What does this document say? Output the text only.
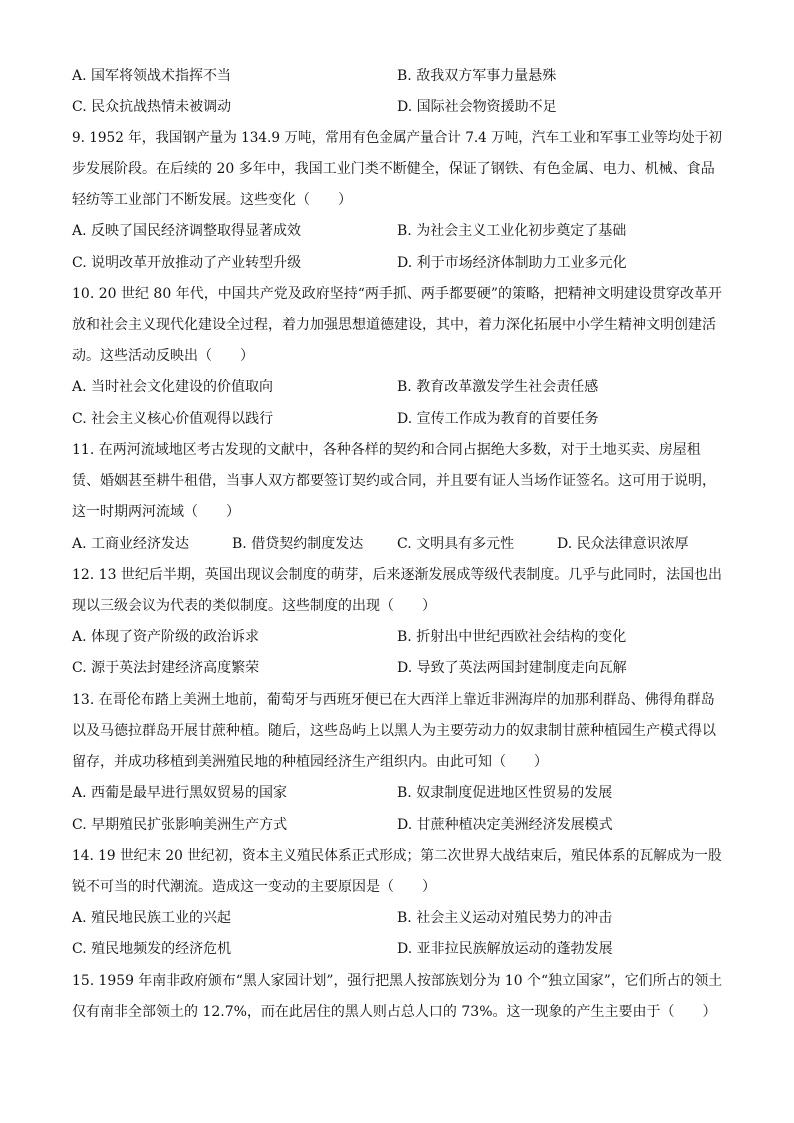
A. 国军将领战术指挥不当	B. 敌我双方军事力量悬殊
C. 民众抗战热情未被调动	D. 国际社会物资援助不足
9. 1952 年，我国钢产量为 134.9 万吨，常用有色金属产量合计 7.4 万吨，汽车工业和军事工业等均处于初
步发展阶段。在后续的 20 多年中，我国工业门类不断健全，保证了钢铁、有色金属、电力、机械、食品
轻纺等工业部门不断发展。这些变化（　　）
A. 反映了国民经济调整取得显著成效	B. 为社会主义工业化初步奠定了基础
C. 说明改革开放推动了产业转型升级	D. 利于市场经济体制助力工业多元化
10. 20 世纪 80 年代，中国共产党及政府坚持“两手抓、两手都要硬”的策略，把精神文明建设贯穿改革开
放和社会主义现代化建设全过程，着力加强思想道德建设，其中，着力深化拓展中小学生精神文明创建活
动。这些活动反映出（　　）
A. 当时社会文化建设的价值取向	B. 教育改革激发学生社会责任感
C. 社会主义核心价值观得以践行	D. 宣传工作成为教育的首要任务
11. 在两河流域地区考古发现的文献中，各种各样的契约和合同占据绝大多数，对于土地买卖、房屋租
赁、婚姻甚至耕牛租借，当事人双方都要签订契约或合同，并且要有证人当场作证签名。这可用于说明，
这一时期两河流域（　　）
A. 工商业经济发达	B. 借贷契约制度发达 C. 文明具有多元性	D. 民众法律意识浓厚
12. 13 世纪后半期，英国出现议会制度的萌芽，后来逐渐发展成等级代表制度。几乎与此同时，法国也出
现以三级会议为代表的类似制度。这些制度的出现（　　）
A. 体现了资产阶级的政治诉求	B. 折射出中世纪西欧社会结构的变化
C. 源于英法封建经济高度繁荣	D. 导致了英法两国封建制度走向瓦解
13. 在哥伦布踏上美洲土地前，葡萄牙与西班牙便已在大西洋上靠近非洲海岸的加那利群岛、佛得角群岛
以及马德拉群岛开展甘蔗种植。随后，这些岛屿上以黑人为主要劳动力的奴隶制甘蔗种植园生产模式得以
留存，并成功移植到美洲殖民地的种植园经济生产组织内。由此可知（　　）
A. 西葡是最早进行黑奴贸易的国家	B. 奴隶制度促进地区性贸易的发展
C. 早期殖民扩张影响美洲生产方式	D. 甘蔗种植决定美洲经济发展模式
14. 19 世纪末 20 世纪初，资本主义殖民体系正式形成；第二次世界大战结束后，殖民体系的瓦解成为一股
锐不可当的时代潮流。造成这一变动的主要原因是（　　）
A. 殖民地民族工业的兴起	B. 社会主义运动对殖民势力的冲击
C. 殖民地频发的经济危机	D. 亚非拉民族解放运动的蓬勃发展
15. 1959 年南非政府颁布“黑人家园计划”，强行把黑人按部族划分为 10 个“独立国家”，它们所占的领土
仅有南非全部领土的 12.7%，而在此居住的黑人则占总人口的 73%。这一现象的产生主要由于（　　）
